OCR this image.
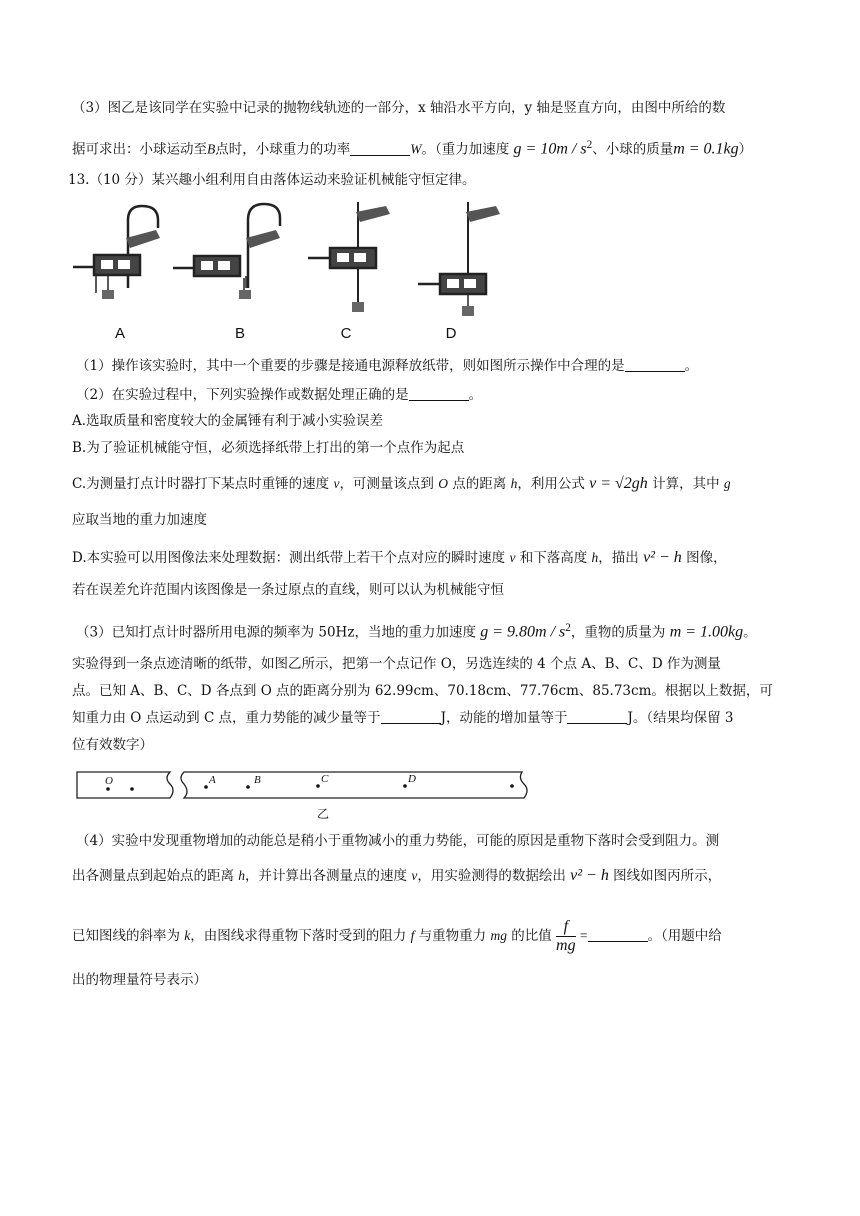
（3）图乙是该同学在实验中记录的抛物线轨迹的一部分，x 轴沿水平方向，y 轴是竖直方向，由图中所给的数
据可求出：小球运动至B点时，小球重力的功率	W。（重力加速度 $g = 10m / s^2$、小球的质量m = 0.1kg）
13.（10 分）某兴趣小组利用自由落体运动来验证机械能守恒定律。
A	B	C	D
（1）操作该实验时，其中一个重要的步骤是接通电源释放纸带，则如图所示操作中合理的是	。
（2）在实验过程中，下列实验操作或数据处理正确的是	。
A.选取质量和密度较大的金属锤有利于减小实验误差
B.为了验证机械能守恒，必须选择纸带上打出的第一个点作为起点
C.为测量打点计时器打下某点时重锤的速度 v，可测量该点到 O 点的距离 h，利用公式 v = √2gh 计算，其中 g
应取当地的重力加速度
D.本实验可以用图像法来处理数据：测出纸带上若干个点对应的瞬时速度 v 和下落高度 h，描出 v² − h 图像，
若在误差允许范围内该图像是一条过原点的直线，则可以认为机械能守恒
（3）已知打点计时器所用电源的频率为 50Hz，当地的重力加速度 $g = 9.80m / s^2$，重物的质量为 m = 1.00kg。
实验得到一条点迹清晰的纸带，如图乙所示，把第一个点记作 O，另选连续的 4 个点 A、B、C、D 作为测量
点。已知 A、B、C、D 各点到 O 点的距离分别为 62.99cm、70.18cm、77.76cm、85.73cm。根据以上数据，可
知重力由 O 点运动到 C 点，重力势能的减少量等于	J，动能的增加量等于	J。（结果均保留 3
位有效数字）
O	A	B	C	D
乙
（4）实验中发现重物增加的动能总是稍小于重物减小的重力势能，可能的原因是重物下落时会受到阻力。测
出各测量点到起始点的距离 h，并计算出各测量点的速度 v，用实验测得的数据绘出 v² − h 图线如图丙所示，
已知图线的斜率为 k，由图线求得重物下落时受到的阻力 f 与重物重力 mg 的比值 $\frac{f}{mg}$ =	。（用题中给
出的物理量符号表示）
